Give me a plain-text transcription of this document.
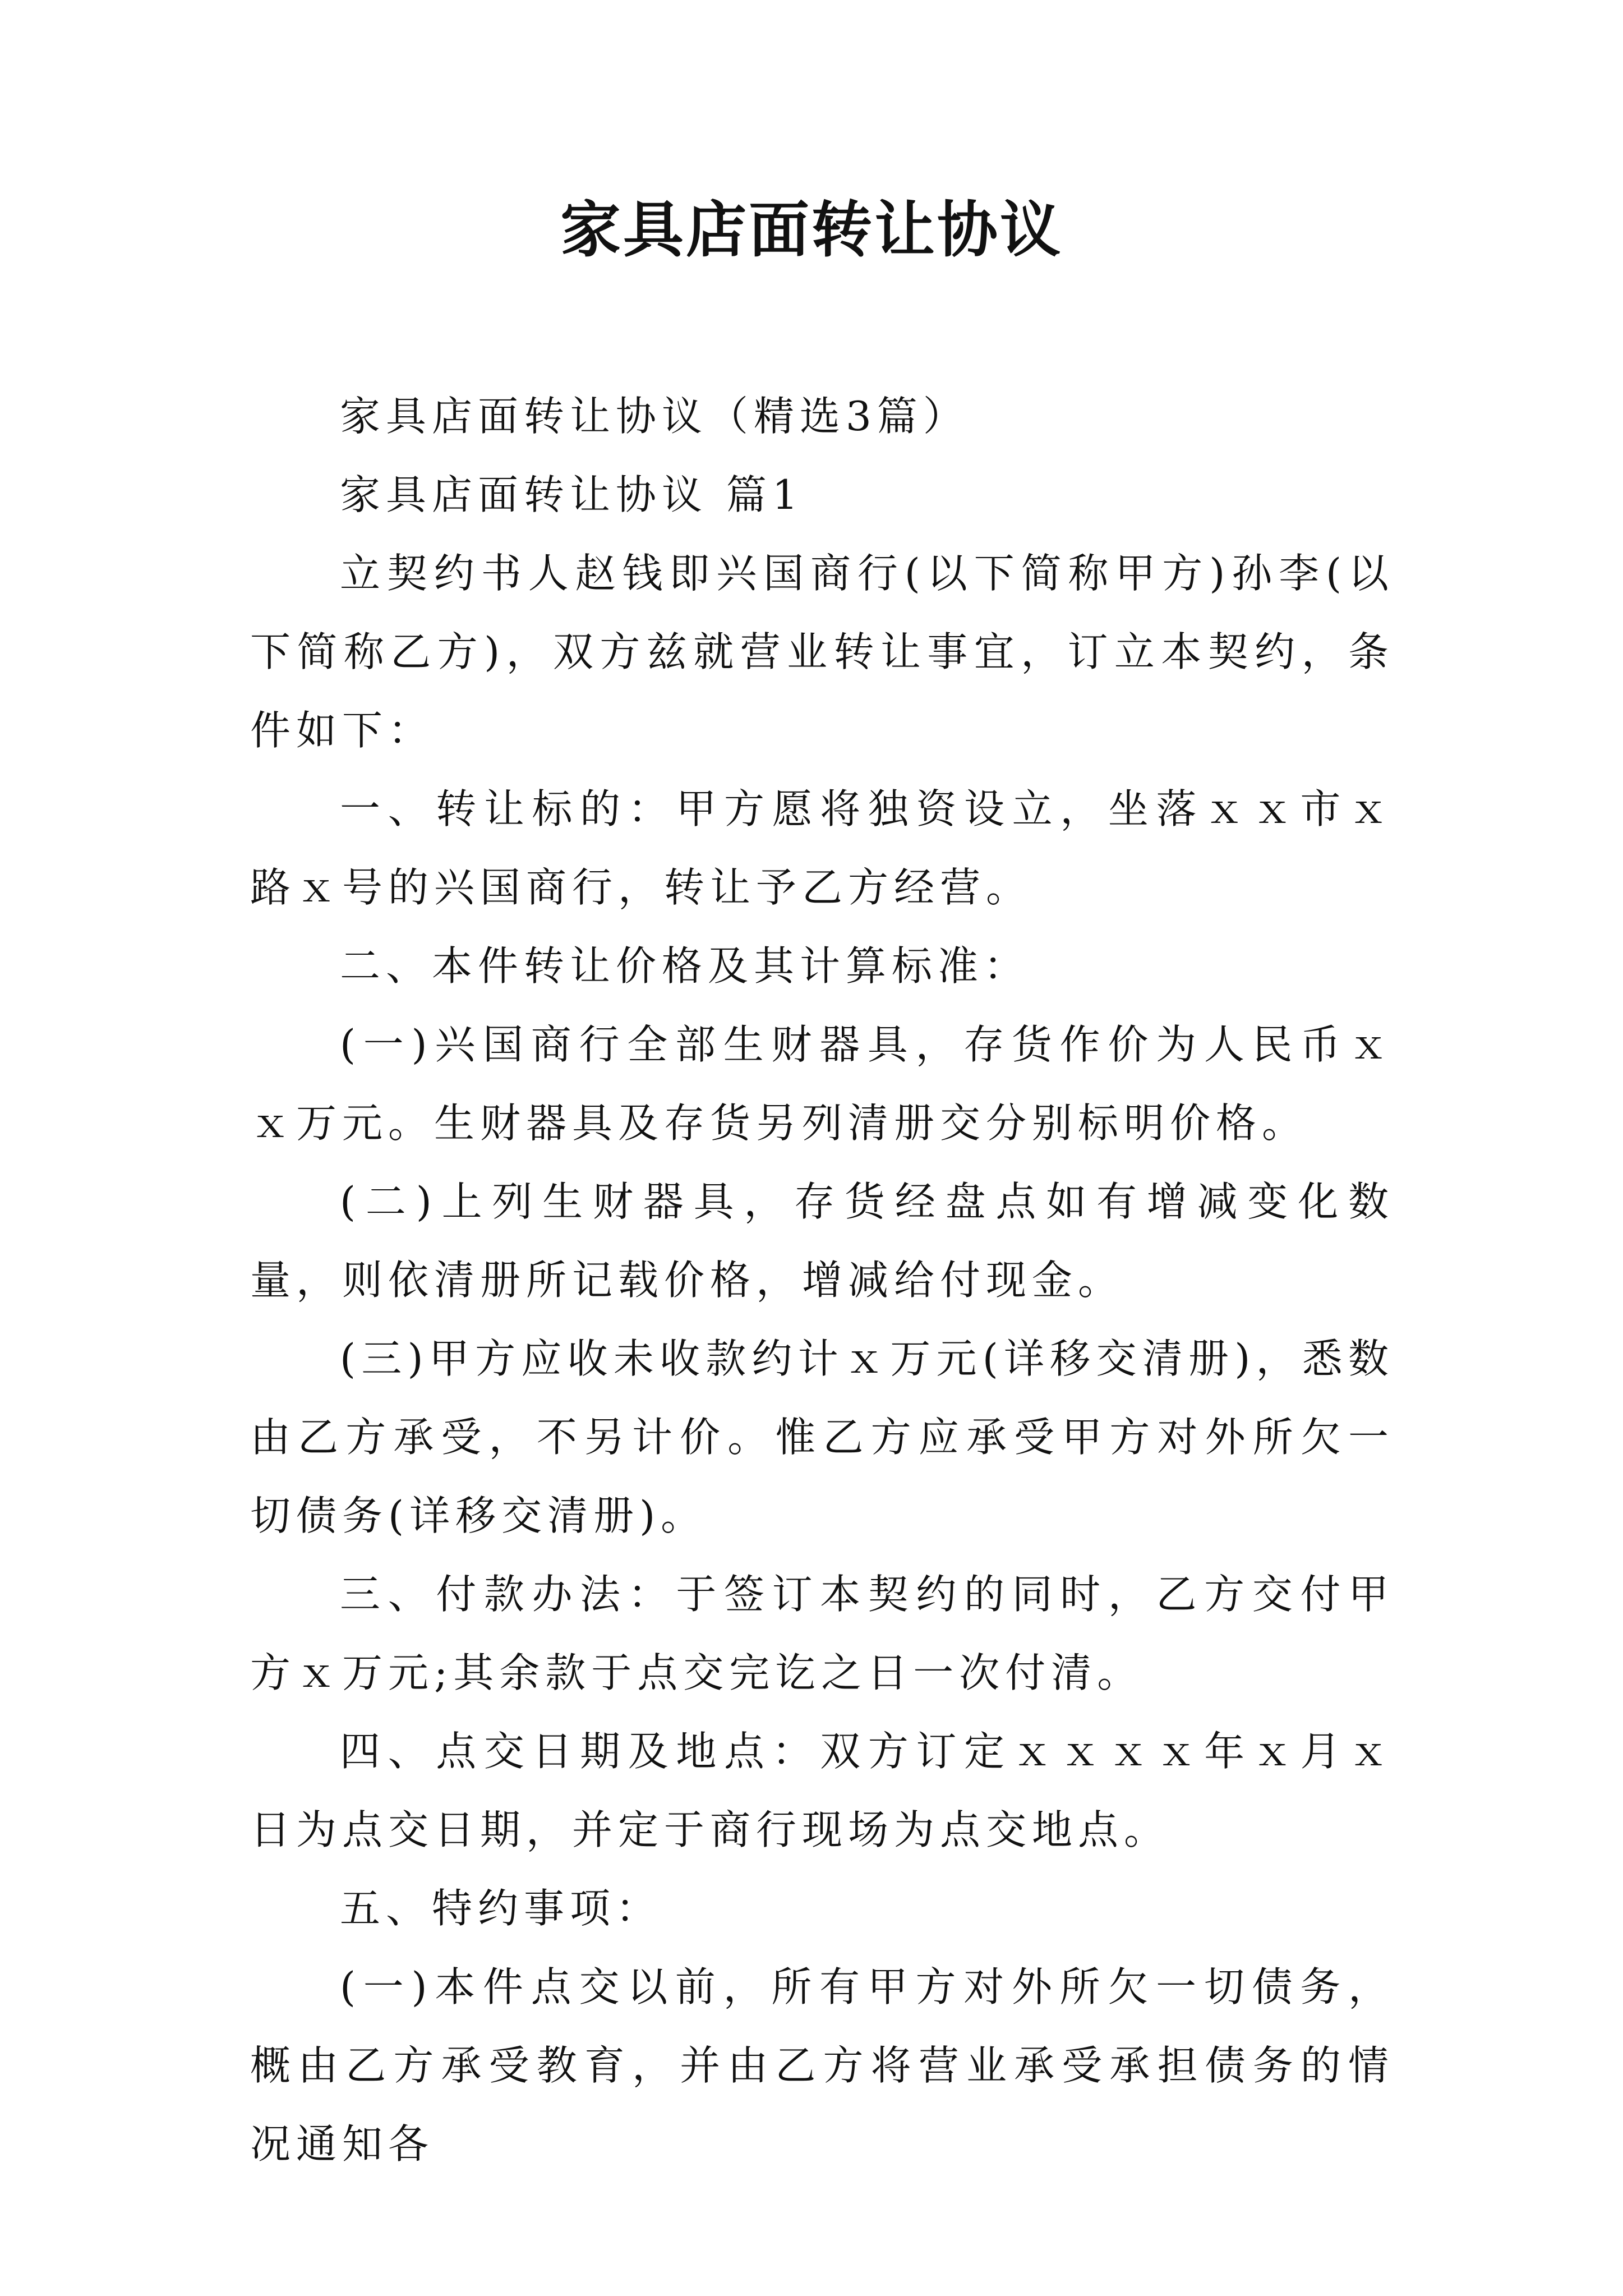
家具店面转让协议

家具店面转让协议（精选3篇）

家具店面转让协议 篇1

立契约书人赵钱即兴国商行(以下简称甲方)孙李(以下简称乙方)，双方兹就营业转让事宜，订立本契约，条件如下：

一、转让标的：甲方愿将独资设立，坐落ｘｘ市ｘ路ｘ号的兴国商行，转让予乙方经营。

二、本件转让价格及其计算标准：

(一)兴国商行全部生财器具，存货作价为人民币ｘｘ万元。生财器具及存货另列清册交分别标明价格。

(二)上列生财器具，存货经盘点如有增减变化数量，则依清册所记载价格，增减给付现金。

(三)甲方应收未收款约计ｘ万元(详移交清册)，悉数由乙方承受，不另计价。惟乙方应承受甲方对外所欠一切债务(详移交清册)。

三、付款办法：于签订本契约的同时，乙方交付甲方ｘ万元;其余款于点交完讫之日一次付清。

四、点交日期及地点：双方订定ｘｘｘｘ年ｘ月ｘ日为点交日期，并定于商行现场为点交地点。

五、特约事项：

(一)本件点交以前，所有甲方对外所欠一切债务，概由乙方承受教育，并由乙方将营业承受承担债务的情况通知各
